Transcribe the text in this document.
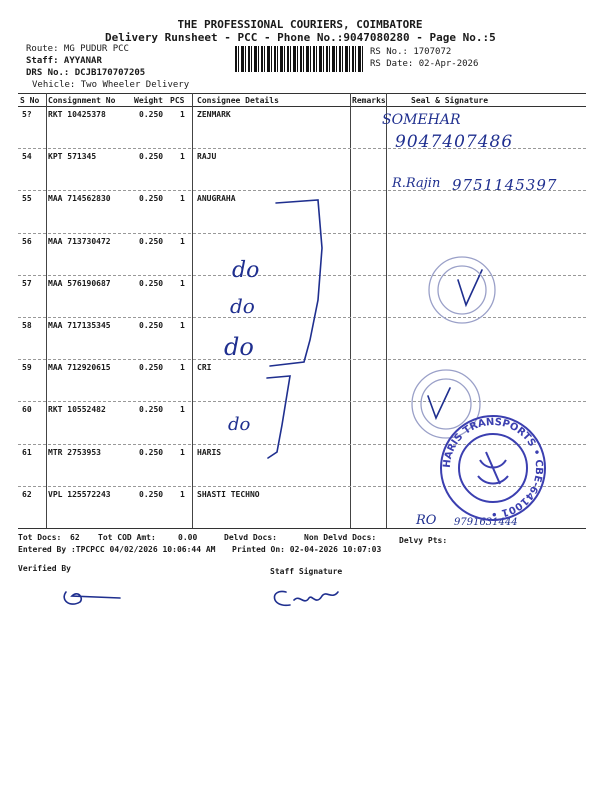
THE PROFESSIONAL COURIERS, COIMBATORE
Delivery Runsheet - PCC - Phone No.:9047080280 - Page No.:5
Route: MG PUDUR PCC
Staff: AYYANAR
DRS No.: DCJB170707205
Vehicle: Two Wheeler Delivery
RS No.: 1707072
RS Date: 02-Apr-2026
S No Consignment No Weight PCS Consignee Details	Remarks	Seal & Signature
5? RKT 10425378	0.250 1 ZENMARK
54 KPT 571345	0.250 1 RAJU
55 MAA 714562830	0.250 1 ANUGRAHA
56 MAA 713730472	0.250 1
57 MAA 576190687	0.250 1
58 MAA 717135345	0.250 1
59 MAA 712920615	0.250 1 CRI
60 RKT 10552482	0.250 1
61 MTR 2753953	0.250 1 HARIS
62 VPL 125572243	0.250 1 SHASTI TECHNO
Tot Docs: 62 Tot COD Amt:	0.00	Delvd Docs:	Non Delvd Docs:	Delvy Pts:
Entered By :TPCPCC 04/02/2026 10:06:44 AM Printed On: 02-04-2026 10:07:03
Verified By	Staff Signature
SOMEHAR
9047407486
R.Rajin 9751145397
do
do
do
do
RO 9791631444
HARIS TRANSPORTS • CBE-641001 •
